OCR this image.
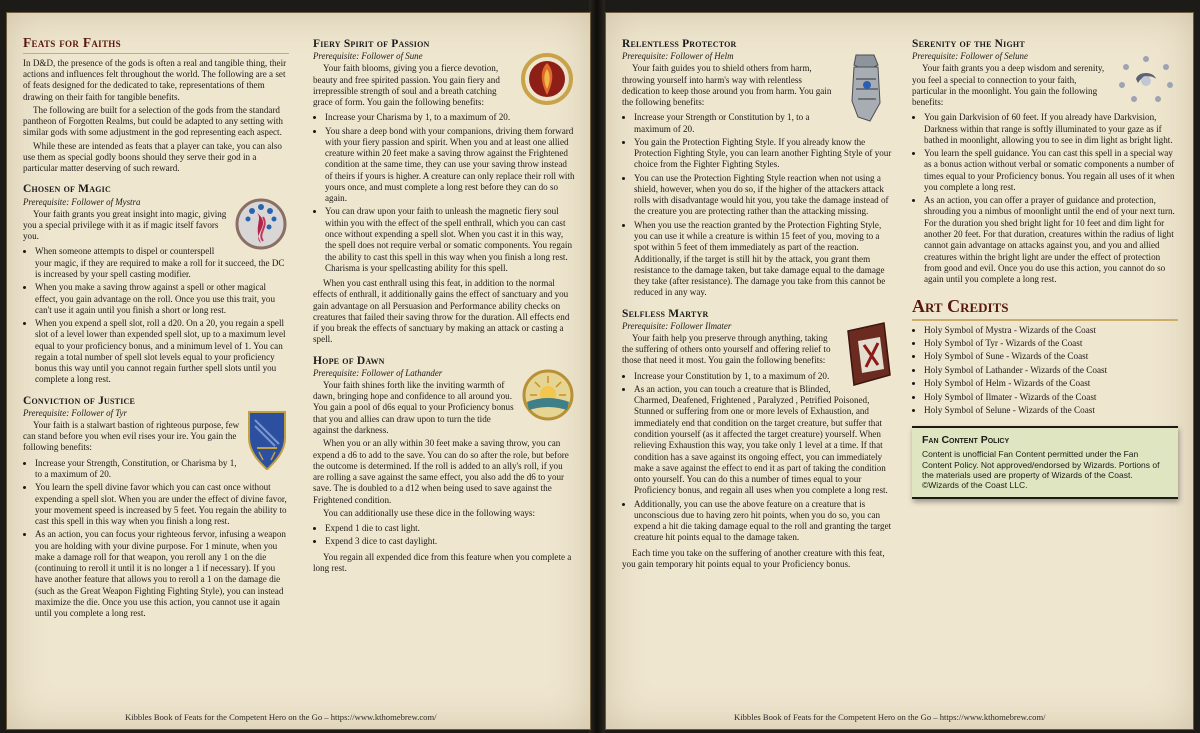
Feats for Faiths

In D&D, the presence of the gods is often a real and tangible thing, their actions and influences felt throughout the world. The following are a set of feats designed for the dedicated to take, representations of them drawing on their faith for tangible benefits.

The following are built for a selection of the gods from the standard pantheon of Forgotten Realms, but could be adapted to any setting with similar gods with some adjustment in the god representing each aspect.

While these are intended as feats that a player can take, you can also use them as special godly boons should they serve their god in a particular matter deserving of such reward.

Chosen of Magic
Prerequisite: Follower of Mystra

Your faith grants you great insight into magic, giving you a special privilege with it as if magic itself favors you.

• When someone attempts to dispel or counterspell your magic, if they are required to make a roll for it succeed, the DC is increased by your spell casting modifier.
• When you make a saving throw against a spell or other magical effect, you gain advantage on the roll. Once you use this trait, you can't use it again until you finish a short or long rest.
• When you expend a spell slot, roll a d20. On a 20, you regain a spell slot of a level lower than expended spell slot, up to a maximum level equal to your proficiency bonus, and a minimum level of 1. You can regain a total number of spell slot levels equal to your proficiency bonus this way until you cannot regain further spell slots until you complete a long rest.
Conviction of Justice
Prerequisite: Follower of Tyr

Your faith is a stalwart bastion of righteous purpose, few can stand before you when evil rises your ire. You gain the following benefits:

• Increase your Strength, Constitution, or Charisma by 1, to a maximum of 20.
• You learn the spell divine favor which you can cast once without expending a spell slot. When you are under the effect of divine favor, your movement speed is increased by 5 feet. You regain the ability to cast this spell in this way when you finish a long rest.
• As an action, you can focus your righteous fervor, infusing a weapon you are holding with your divine purpose. For 1 minute, when you make a damage roll for that weapon, you reroll any 1 on the die (continuing to reroll it until it is no longer a 1 if necessary). If you have another feature that allows you to reroll a 1 on the damage die (such as the Great Weapon Fighting Fighting Style), you can instead maximize the die. Once you use this action, you cannot use it again until you complete a long rest.
Fiery Spirit of Passion
Prerequisite: Follower of Sune

Your faith blooms, giving you a fierce devotion, beauty and free spirited passion. You gain fiery and irrepressible strength of soul and a breath catching grace of form. You gain the following benefits:

• Increase your Charisma by 1, to a maximum of 20.
• You share a deep bond with your companions, driving them forward with your fiery passion and spirit. When you and at least one allied creature within 20 feet make a saving throw against the Frightened condition at the same time, they can use your saving throw instead of theirs if yours is higher. A creature can only replace their roll with yours once, and must complete a long rest before they can do so again.
• You can draw upon your faith to unleash the magnetic fiery soul within you with the effect of the spell enthrall, which you can cast once without expending a spell slot. When you cast it in this way, the spell does not require verbal or somatic components. You regain the ability to cast this spell in this way when you finish a long rest. Charisma is your spellcasting ability for this spell.

When you cast enthrall using this feat, in addition to the normal effects of enthrall, it additionally gains the effect of sanctuary and you gain advantage on all Persuasion and Performance ability checks on creatures that failed their saving throw for the duration. All effects end if you break the effects of sanctuary by making an attack or casting a spell.

Hope of Dawn
Prerequisite: Follower of Lathander

Your faith shines forth like the inviting warmth of dawn, bringing hope and confidence to all around you. You gain a pool of d6s equal to your Proficiency bonus that you and allies can draw upon to turn the tide against the darkness.

When you or an ally within 30 feet make a saving throw, you can expend a d6 to add to the save. You can do so after the role, but before the outcome is determined. If the roll is added to an ally's roll, if you are rolling a save against the same effect, you also add the d6 to your save. The is doubled to a d12 when being used to save against the Frightened condition.

You can additionally use these dice in the following ways:

• Expend 1 die to cast light.
• Expend 3 dice to cast daylight.

You regain all expended dice from this feature when you complete a long rest.

Kibbles Book of Feats for the Competent Hero on the Go – https://www.kthomebrew.com/
Relentless Protector
Prerequisite: Follower of Helm

Your faith guides you to shield others from harm, throwing yourself into harm's way with relentless dedication to keep those around you from harm. You gain the following benefits:

• Increase your Strength or Constitution by 1, to a maximum of 20.
• You gain the Protection Fighting Style. If you already know the Protection Fighting Style, you can learn another Fighting Style of your choice from the Fighter Fighting Styles.
• You can use the Protection Fighting Style reaction when not using a shield, however, when you do so, if the higher of the attackers attack rolls with disadvantage would hit you, you take the damage instead of the creature you are protecting rather than the attacking missing.
• When you use the reaction granted by the Protection Fighting Style, you can use it while a creature is within 15 feet of you, moving to a spot within 5 feet of them immediately as part of the reaction. Additionally, if the target is still hit by the attack, you grant them resistance to the damage taken, but take damage equal to the damage they take (after resistance). The damage you take from this cannot be reduced in any way.
Selfless Martyr
Prerequisite: Follower Ilmater

Your faith help you preserve through anything, taking the suffering of others onto yourself and offering relief to those that need it most. You gain the following benefits:

• Increase your Constitution by 1, to a maximum of 20.
• As an action, you can touch a creature that is Blinded, Charmed, Deafened, Frightened , Paralyzed , Petrified Poisoned, Stunned or suffering from one or more levels of Exhaustion, and immediately end that condition on the target creature, but suffer that condition yourself (as it affected the target creature) yourself. When relieving Exhaustion this way, you take only 1 level at a time. If that condition has a save against its ongoing effect, you can immediately make a save against the effect to end it as part of taking the condition onto yourself. You can do this a number of times equal to your Proficiency bonus, and regain all uses when you complete a long rest.
• Additionally, you can use the above feature on a creature that is unconscious due to having zero hit points, when you do so, you can expend a hit die taking damage equal to the roll and granting the target creature hit points equal to the damage taken.

Each time you take on the suffering of another creature with this feat, you gain temporary hit points equal to your Proficiency bonus.

Serenity of the Night
Prerequisite: Follower of Selune

Your faith grants you a deep wisdom and serenity, you feel a special to connection to your faith, particular in the moonlight. You gain the following benefits:

• You gain Darkvision of 60 feet. If you already have Darkvision, Darkness within that range is softly illuminated to your gaze as if bathed in moonlight, allowing you to see in dim light as bright light.
• You learn the spell guidance. You can cast this spell in a special way as a bonus action without verbal or somatic components a number of times equal to your Proficiency bonus. You regain all uses of it when you complete a long rest.
• As an action, you can offer a prayer of guidance and protection, shrouding you a nimbus of moonlight until the end of your next turn. For the duration you shed bright light for 10 feet and dim light for another 20 feet. For that duration, creatures within the radius of light cannot gain advantage on attacks against you, and you and allied creatures within the bright light are under the effect of protection from good and evil. Once you do use this action, you cannot do so again until you complete a long rest.
Art Credits
• Holy Symbol of Mystra - Wizards of the Coast
• Holy Symbol of Tyr - Wizards of the Coast
• Holy Symbol of Sune - Wizards of the Coast
• Holy Symbol of Lathander - Wizards of the Coast
• Holy Symbol of Helm - Wizards of the Coast
• Holy Symbol of Ilmater - Wizards of the Coast
• Holy Symbol of Selune - Wizards of the Coast
Fan Content Policy
Content is unofficial Fan Content permitted under the Fan Content Policy. Not approved/endorsed by Wizards. Portions of the materials used are property of Wizards of the Coast. ©Wizards of the Coast LLC.
Kibbles Book of Feats for the Competent Hero on the Go – https://www.kthomebrew.com/
